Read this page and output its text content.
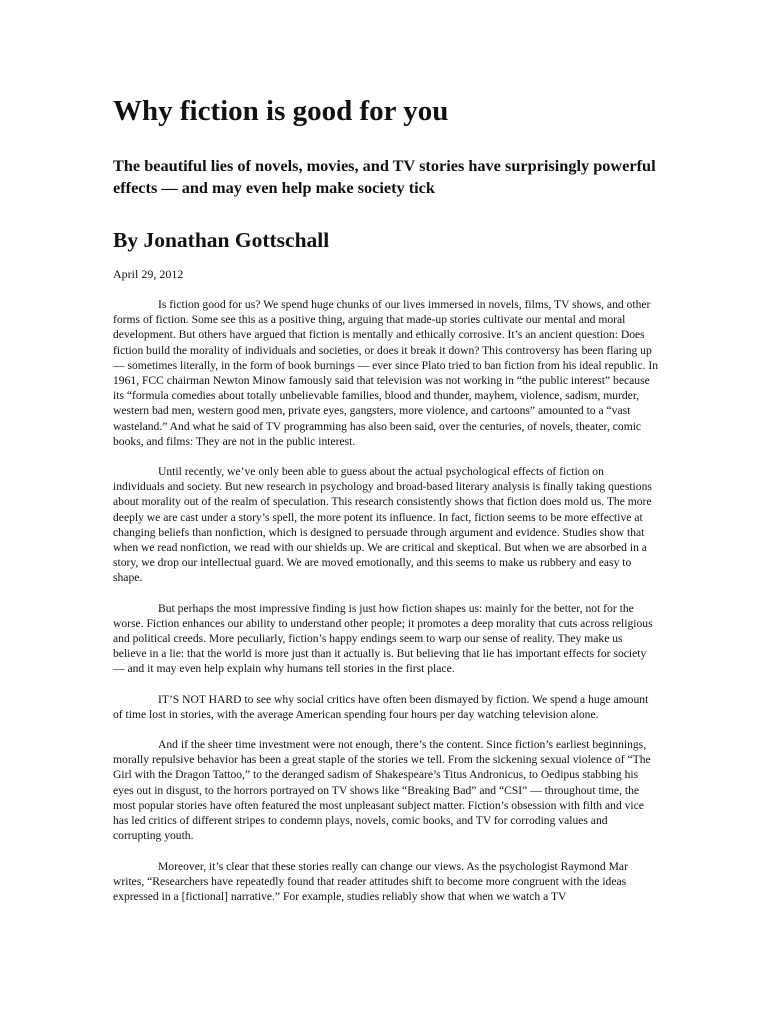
Why fiction is good for you

The beautiful lies of novels, movies, and TV stories have surprisingly powerful effects — and may even help make society tick

By Jonathan Gottschall

April 29, 2012

Is fiction good for us? We spend huge chunks of our lives immersed in novels, films, TV shows, and other forms of fiction. Some see this as a positive thing, arguing that made-up stories cultivate our mental and moral development. But others have argued that fiction is mentally and ethically corrosive. It’s an ancient question: Does fiction build the morality of individuals and societies, or does it break it down? This controversy has been flaring up — sometimes literally, in the form of book burnings — ever since Plato tried to ban fiction from his ideal republic. In 1961, FCC chairman Newton Minow famously said that television was not working in “the public interest” because its “formula comedies about totally unbelievable families, blood and thunder, mayhem, violence, sadism, murder, western bad men, western good men, private eyes, gangsters, more violence, and cartoons” amounted to a “vast wasteland.” And what he said of TV programming has also been said, over the centuries, of novels, theater, comic books, and films: They are not in the public interest.

Until recently, we’ve only been able to guess about the actual psychological effects of fiction on individuals and society. But new research in psychology and broad-based literary analysis is finally taking questions about morality out of the realm of speculation. This research consistently shows that fiction does mold us. The more deeply we are cast under a story’s spell, the more potent its influence. In fact, fiction seems to be more effective at changing beliefs than nonfiction, which is designed to persuade through argument and evidence. Studies show that when we read nonfiction, we read with our shields up. We are critical and skeptical. But when we are absorbed in a story, we drop our intellectual guard. We are moved emotionally, and this seems to make us rubbery and easy to shape.

But perhaps the most impressive finding is just how fiction shapes us: mainly for the better, not for the worse. Fiction enhances our ability to understand other people; it promotes a deep morality that cuts across religious and political creeds. More peculiarly, fiction’s happy endings seem to warp our sense of reality. They make us believe in a lie: that the world is more just than it actually is. But believing that lie has important effects for society — and it may even help explain why humans tell stories in the first place.

IT’S NOT HARD to see why social critics have often been dismayed by fiction. We spend a huge amount of time lost in stories, with the average American spending four hours per day watching television alone.

And if the sheer time investment were not enough, there’s the content. Since fiction’s earliest beginnings, morally repulsive behavior has been a great staple of the stories we tell. From the sickening sexual violence of “The Girl with the Dragon Tattoo,” to the deranged sadism of Shakespeare’s Titus Andronicus, to Oedipus stabbing his eyes out in disgust, to the horrors portrayed on TV shows like “Breaking Bad” and “CSI” — throughout time, the most popular stories have often featured the most unpleasant subject matter. Fiction’s obsession with filth and vice has led critics of different stripes to condemn plays, novels, comic books, and TV for corroding values and corrupting youth.

Moreover, it’s clear that these stories really can change our views. As the psychologist Raymond Mar writes, “Researchers have repeatedly found that reader attitudes shift to become more congruent with the ideas expressed in a [fictional] narrative.” For example, studies reliably show that when we watch a TV
